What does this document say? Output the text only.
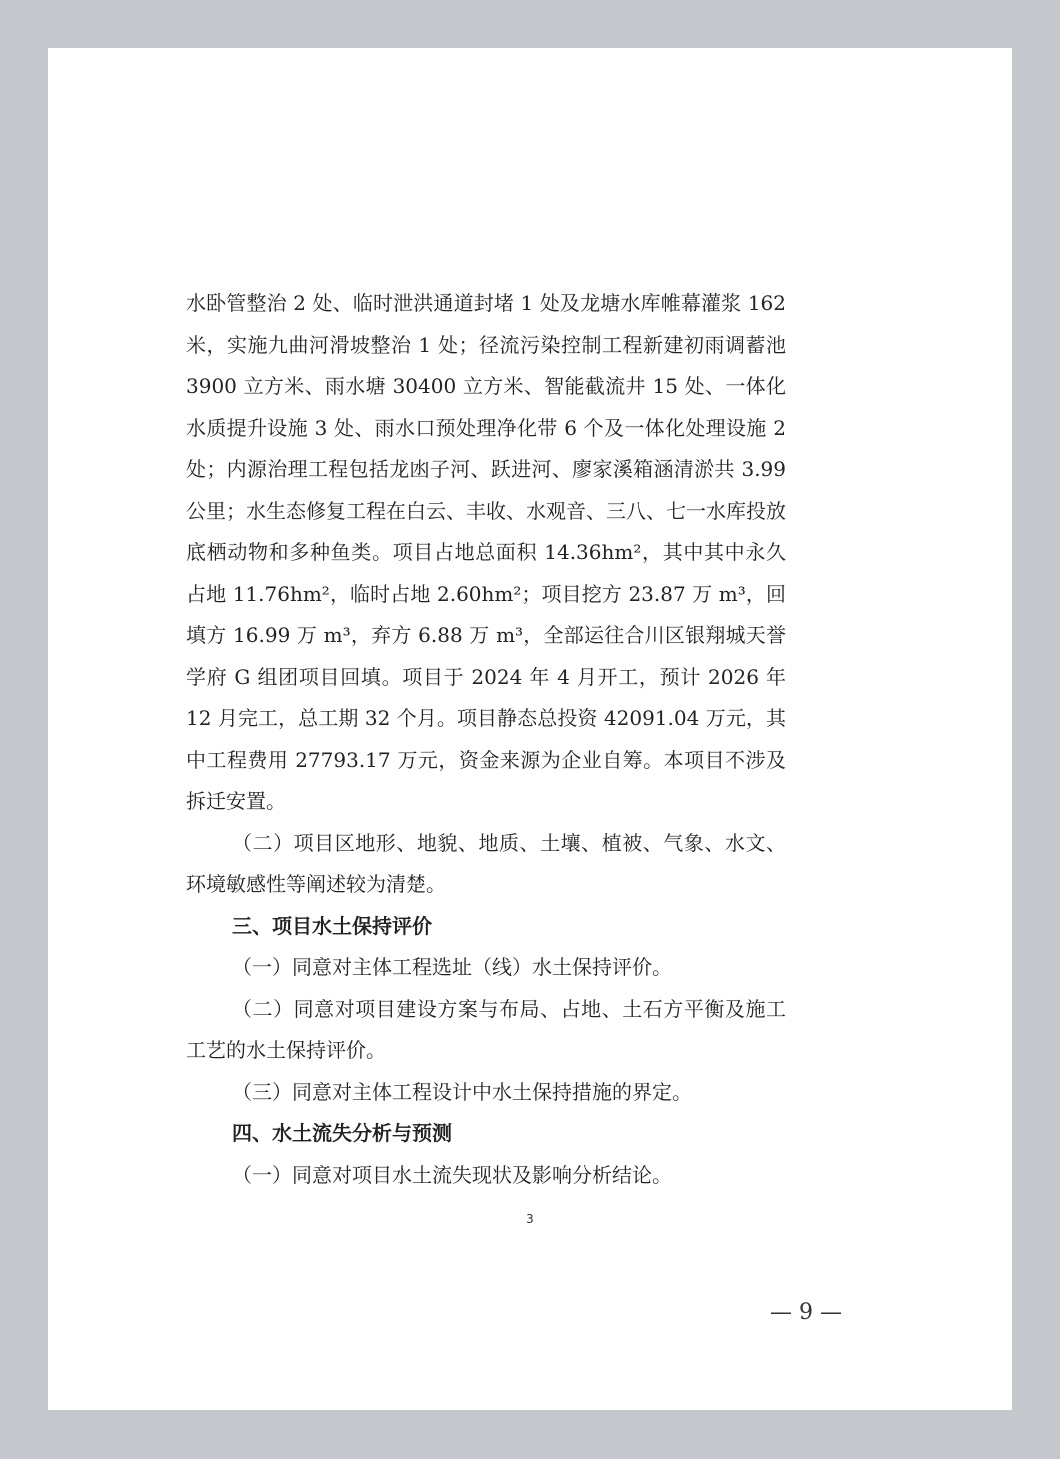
水卧管整治 2 处、临时泄洪通道封堵 1 处及龙塘水库帷幕灌浆 162 米，实施九曲河滑坡整治 1 处；径流污染控制工程新建初雨调蓄池 3900 立方米、雨水塘 30400 立方米、智能截流井 15 处、一体化水质提升设施 3 处、雨水口预处理净化带 6 个及一体化处理设施 2 处；内源治理工程包括龙凼子河、跃进河、廖家溪箱涵清淤共 3.99 公里；水生态修复工程在白云、丰收、水观音、三八、七一水库投放底栖动物和多种鱼类。项目占地总面积 14.36hm²，其中其中永久占地 11.76hm²，临时占地 2.60hm²；项目挖方 23.87 万 m³，回填方 16.99 万 m³，弃方 6.88 万 m³，全部运往合川区银翔城天誉学府 G 组团项目回填。项目于 2024 年 4 月开工，预计 2026 年 12 月完工，总工期 32 个月。项目静态总投资 42091.04 万元，其中工程费用 27793.17 万元，资金来源为企业自筹。本项目不涉及拆迁安置。

（二）项目区地形、地貌、地质、土壤、植被、气象、水文、环境敏感性等阐述较为清楚。

三、项目水土保持评价

（一）同意对主体工程选址（线）水土保持评价。

（二）同意对项目建设方案与布局、占地、土石方平衡及施工工艺的水土保持评价。

（三）同意对主体工程设计中水土保持措施的界定。

四、水土流失分析与预测

（一）同意对项目水土流失现状及影响分析结论。

3
— 9 —
